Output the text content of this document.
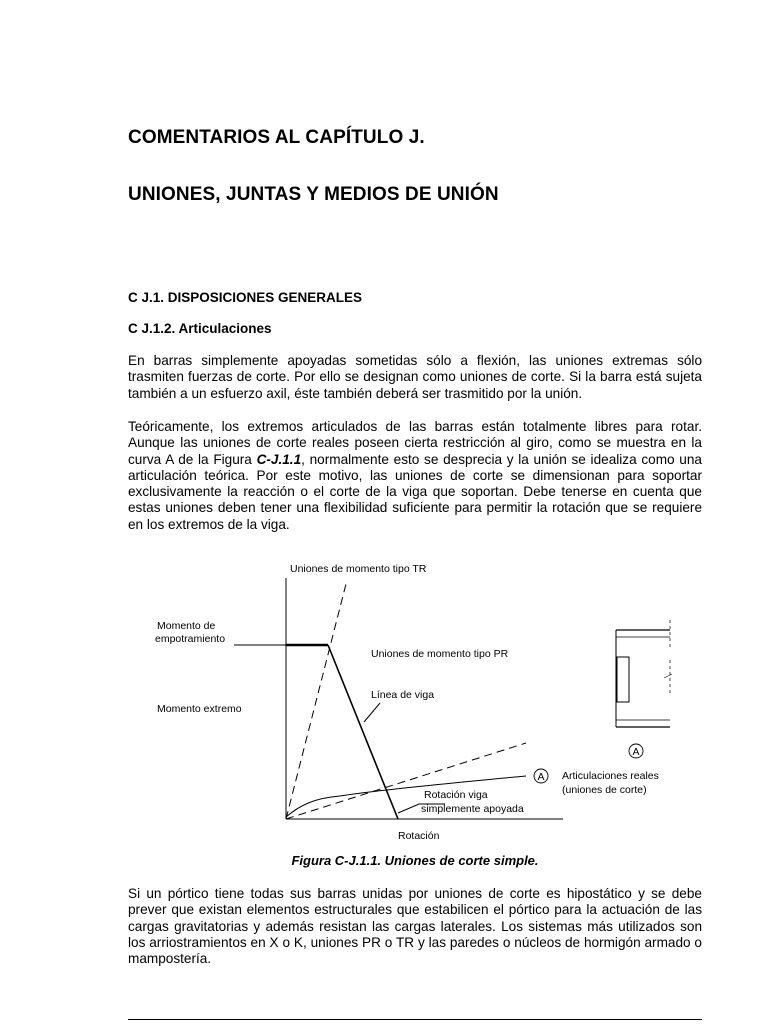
COMENTARIOS AL CAPÍTULO J.
UNIONES, JUNTAS Y MEDIOS DE UNIÓN
C J.1. DISPOSICIONES GENERALES
C J.1.2. Articulaciones

En barras simplemente apoyadas sometidas sólo a flexión, las uniones extremas sólo trasmiten fuerzas de corte. Por ello se designan como uniones de corte. Si la barra está sujeta también a un esfuerzo axil, éste también deberá ser trasmitido por la unión.

Teóricamente, los extremos articulados de las barras están totalmente libres para rotar. Aunque las uniones de corte reales poseen cierta restricción al giro, como se muestra en la curva A de la Figura C-J.1.1, normalmente esto se desprecia y la unión se idealiza como una articulación teórica. Por este motivo, las uniones de corte se dimensionan para soportar exclusivamente la reacción o el corte de la viga que soportan. Debe tenerse en cuenta que estas uniones deben tener una flexibilidad suficiente para permitir la rotación que se requiere en los extremos de la viga.

A
Uniones de momento tipo TR
Momento de
empotramiento
Uniones de momento tipo PR
Línea de viga
Momento extremo
Articulaciones reales
(uniones de corte)
Rotación viga
simplemente apoyada
Rotación
A
Figura C-J.1.1. Uniones de corte simple.

Si un pórtico tiene todas sus barras unidas por uniones de corte es hipostático y se debe prever que existan elementos estructurales que estabilicen el pórtico para la actuación de las cargas gravitatorias y además resistan las cargas laterales. Los sistemas más utilizados son los arriostramientos en X o K, uniones PR o TR y las paredes o núcleos de hormigón armado o mampostería.
